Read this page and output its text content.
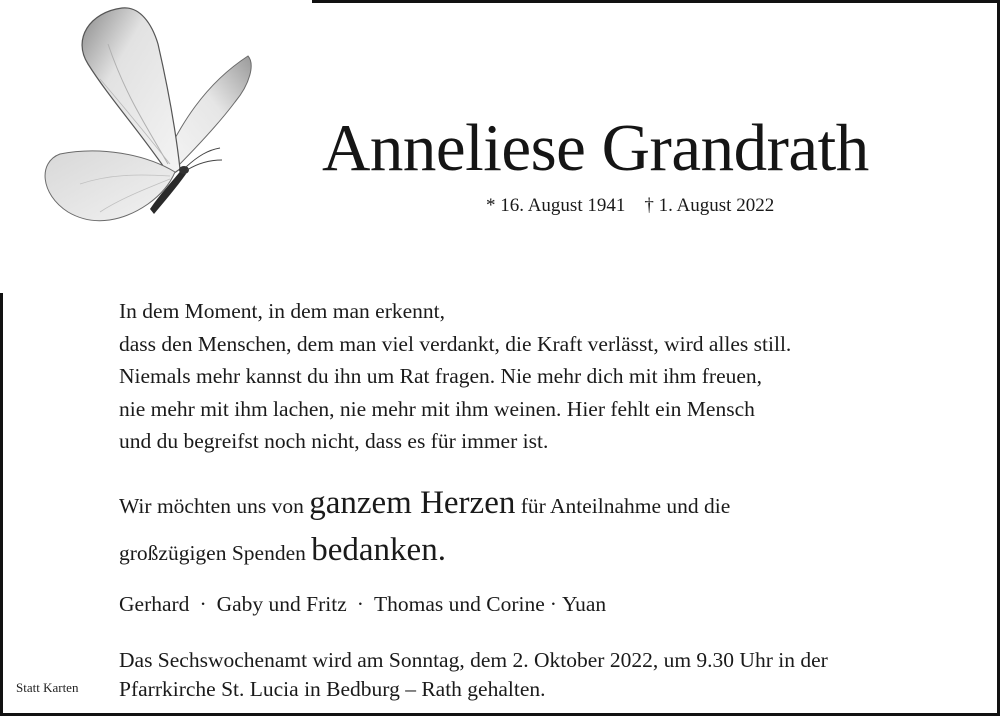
Anneliese Grandrath
* 16. August 1941 † 1. August 2022
In dem Moment, in dem man erkennt,
dass den Menschen, dem man viel verdankt, die Kraft verlässt, wird alles still.
Niemals mehr kannst du ihn um Rat fragen. Nie mehr dich mit ihm freuen,
nie mehr mit ihm lachen, nie mehr mit ihm weinen. Hier fehlt ein Mensch
und du begreifst noch nicht, dass es für immer ist.
Wir möchten uns von ganzem Herzen für Anteilnahme und die
großzügigen Spenden bedanken.
Gerhard · Gaby und Fritz · Thomas und Corine · Yuan
Das Sechswochenamt wird am Sonntag, dem 2. Oktober 2022, um 9.30 Uhr in der
Pfarrkirche St. Lucia in Bedburg – Rath gehalten.
Statt Karten
